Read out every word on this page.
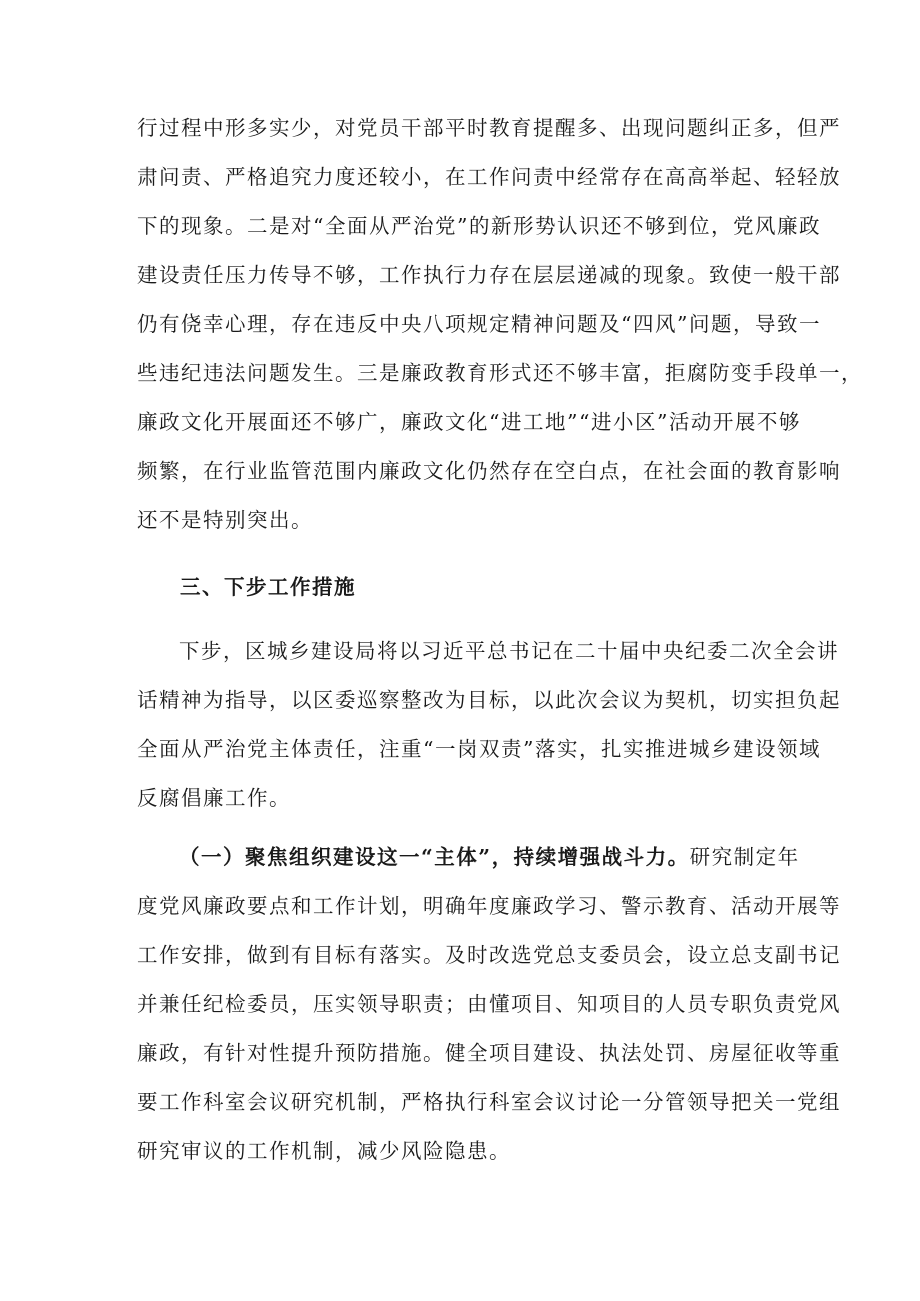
行过程中形多实少，对党员干部平时教育提醒多、出现问题纠正多，但严
肃问责、严格追究力度还较小，在工作问责中经常存在高高举起、轻轻放
下的现象。二是对“全面从严治党”的新形势认识还不够到位，党风廉政
建设责任压力传导不够，工作执行力存在层层递减的现象。致使一般干部
仍有侥幸心理，存在违反中央八项规定精神问题及“四风”问题，导致一
些违纪违法问题发生。三是廉政教育形式还不够丰富，拒腐防变手段单一，
廉政文化开展面还不够广，廉政文化“进工地”“进小区”活动开展不够
频繁，在行业监管范围内廉政文化仍然存在空白点，在社会面的教育影响
还不是特别突出。
三、下步工作措施
下步，区城乡建设局将以习近平总书记在二十届中央纪委二次全会讲
话精神为指导，以区委巡察整改为目标，以此次会议为契机，切实担负起
全面从严治党主体责任，注重“一岗双责”落实，扎实推进城乡建设领域
反腐倡廉工作。
（一）聚焦组织建设这一“主体”，持续增强战斗力。研究制定年
度党风廉政要点和工作计划，明确年度廉政学习、警示教育、活动开展等
工作安排，做到有目标有落实。及时改选党总支委员会，设立总支副书记
并兼任纪检委员，压实领导职责；由懂项目、知项目的人员专职负责党风
廉政，有针对性提升预防措施。健全项目建设、执法处罚、房屋征收等重
要工作科室会议研究机制，严格执行科室会议讨论一分管领导把关一党组
研究审议的工作机制，减少风险隐患。
